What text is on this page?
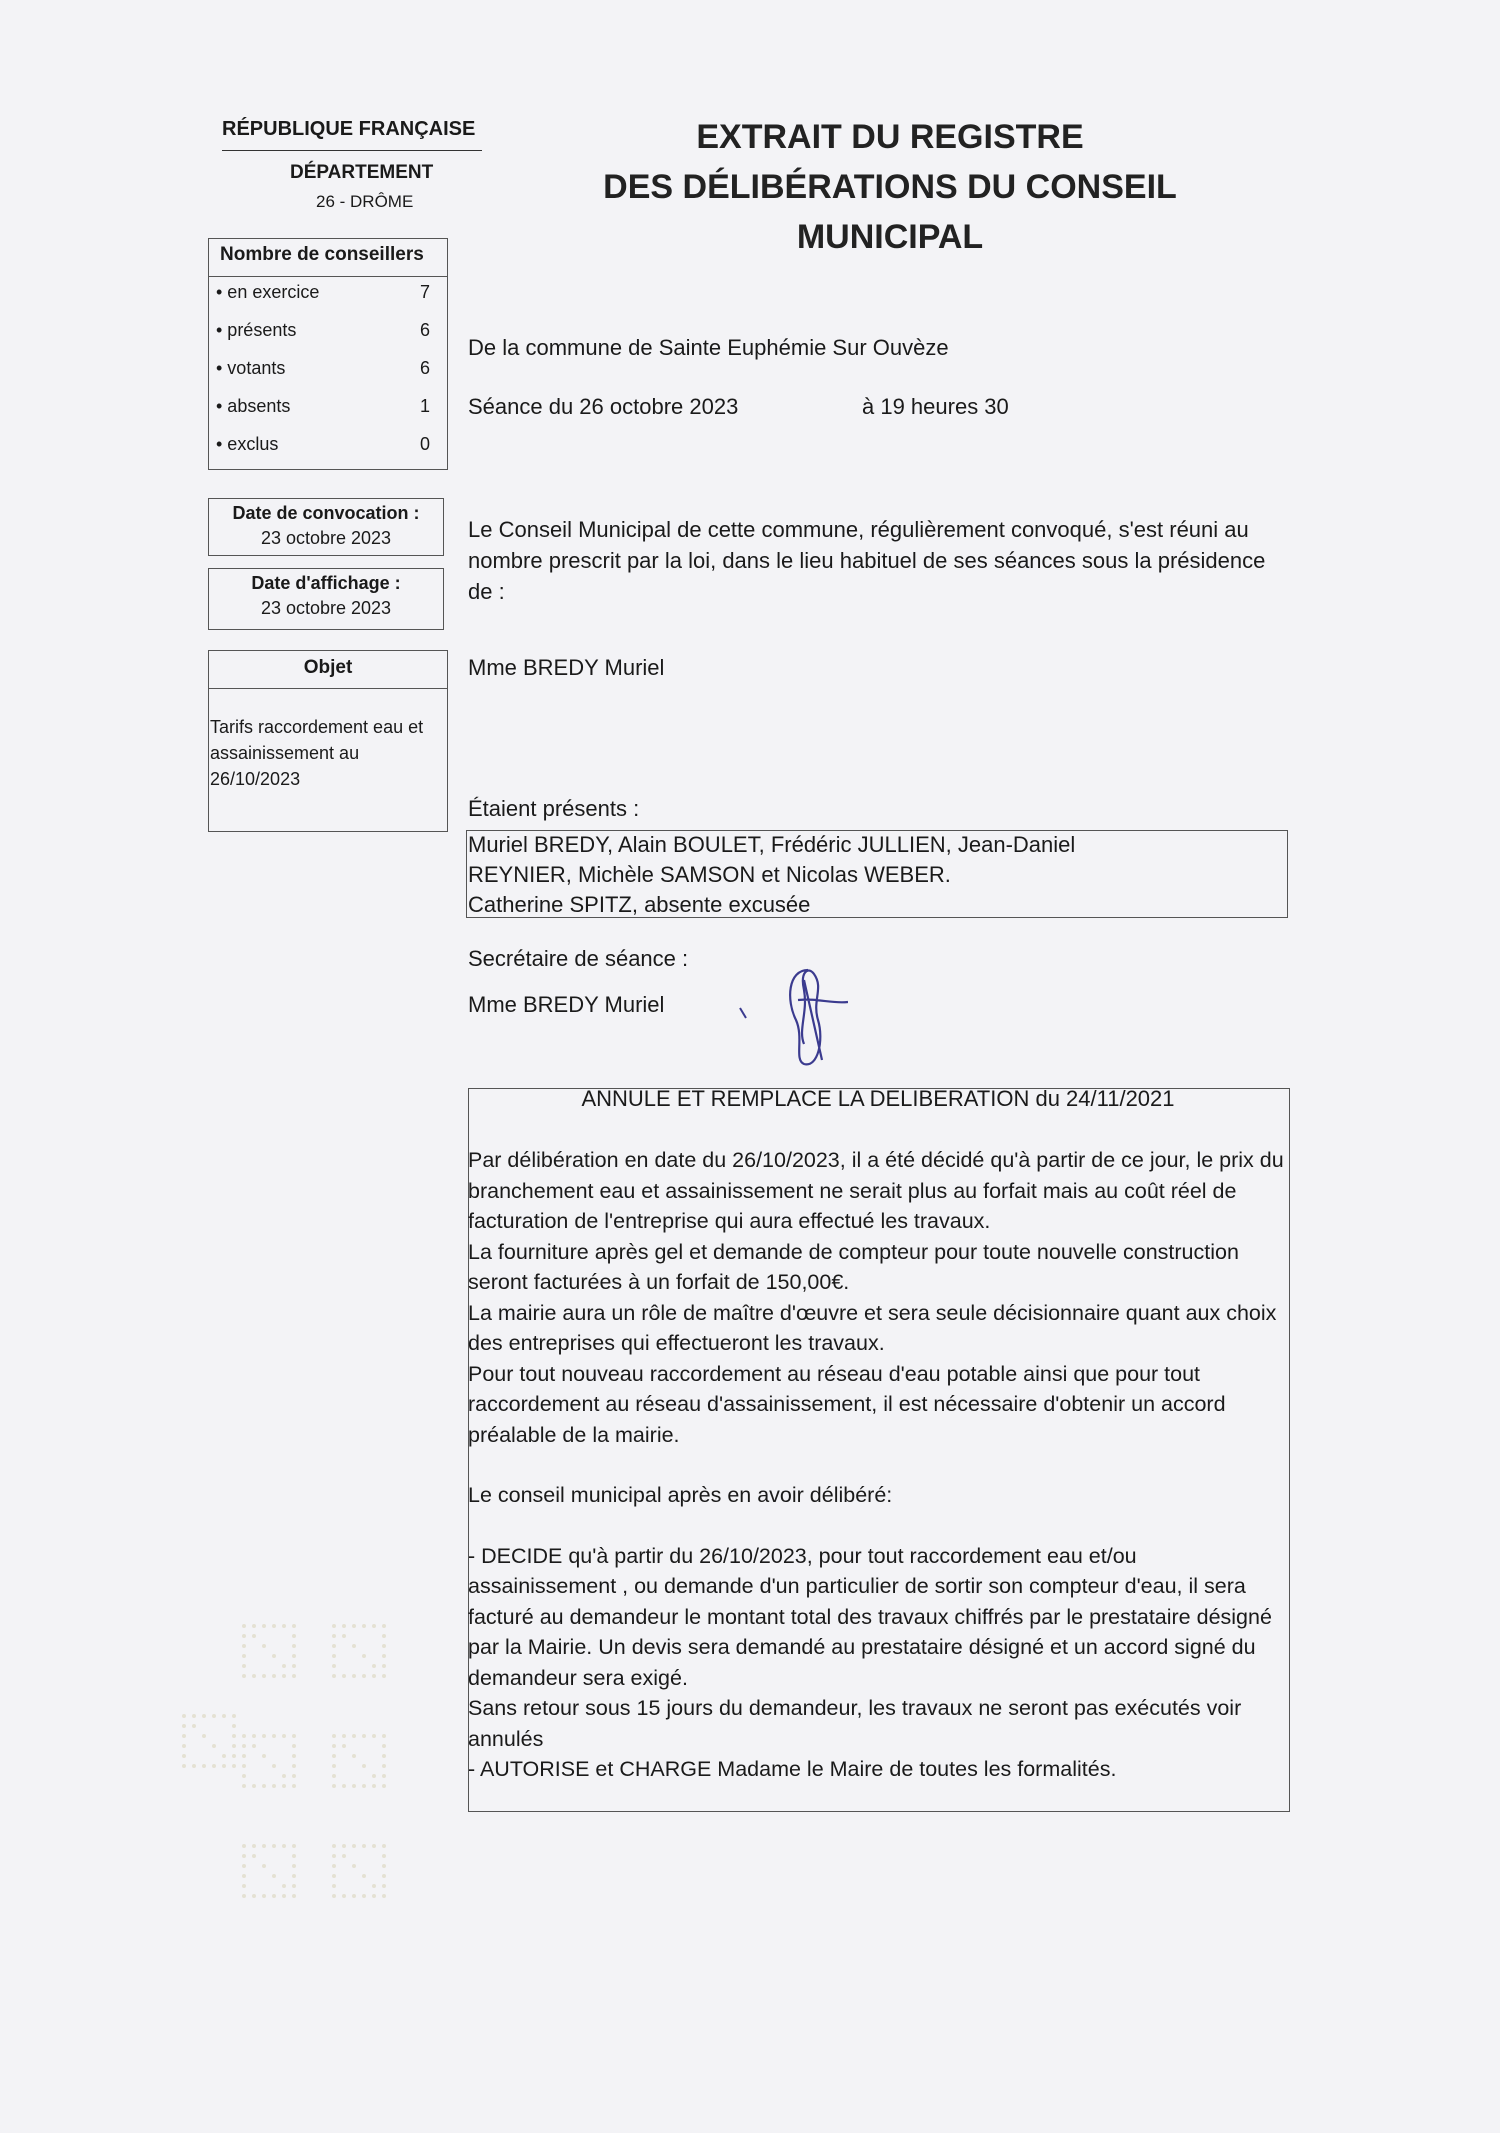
RÉPUBLIQUE FRANÇAISE
DÉPARTEMENT
26 - DRÔME
EXTRAIT DU REGISTRE
DES DÉLIBÉRATIONS DU CONSEIL
MUNICIPAL
Nombre de conseillers
• en exercice	7
• présents	6
• votants	6
• absents	1
• exclus	0
Date de convocation :
23 octobre 2023
Date d'affichage :
23 octobre 2023
Objet
Tarifs raccordement eau et assainissement au 26/10/2023
De la commune de Sainte Euphémie Sur Ouvèze
Séance du 26 octobre 2023	à 19 heures 30
Le Conseil Municipal de cette commune, régulièrement convoqué, s'est réuni au nombre prescrit par la loi, dans le lieu habituel de ses séances sous la présidence de :
Mme BREDY Muriel
Étaient présents :
Muriel BREDY, Alain BOULET, Frédéric JULLIEN, Jean-Daniel
REYNIER, Michèle SAMSON et Nicolas WEBER.
Catherine SPITZ, absente excusée
Secrétaire de séance :
Mme BREDY Muriel
ANNULE ET REMPLACE LA DELIBERATION du 24/11/2021

Par délibération en date du 26/10/2023, il a été décidé qu'à partir de ce jour, le prix du branchement eau et assainissement ne serait plus au forfait mais au coût réel de facturation de l'entreprise qui aura effectué les travaux.

La fourniture après gel et demande de compteur pour toute nouvelle construction seront facturées à un forfait de 150,00€.

La mairie aura un rôle de maître d'œuvre et sera seule décisionnaire quant aux choix des entreprises qui effectueront les travaux.

Pour tout nouveau raccordement au réseau d'eau potable ainsi que pour tout raccordement au réseau d'assainissement, il est nécessaire d'obtenir un accord préalable de la mairie.

Le conseil municipal après en avoir délibéré:

- DECIDE qu'à partir du 26/10/2023, pour tout raccordement eau et/ou assainissement , ou demande d'un particulier de sortir son compteur d'eau, il sera facturé au demandeur le montant total des travaux chiffrés par le prestataire désigné par la Mairie. Un devis sera demandé au prestataire désigné et un accord signé du demandeur sera exigé.

Sans retour sous 15 jours du demandeur, les travaux ne seront pas exécutés voir annulés

- AUTORISE et CHARGE Madame le Maire de toutes les formalités.
